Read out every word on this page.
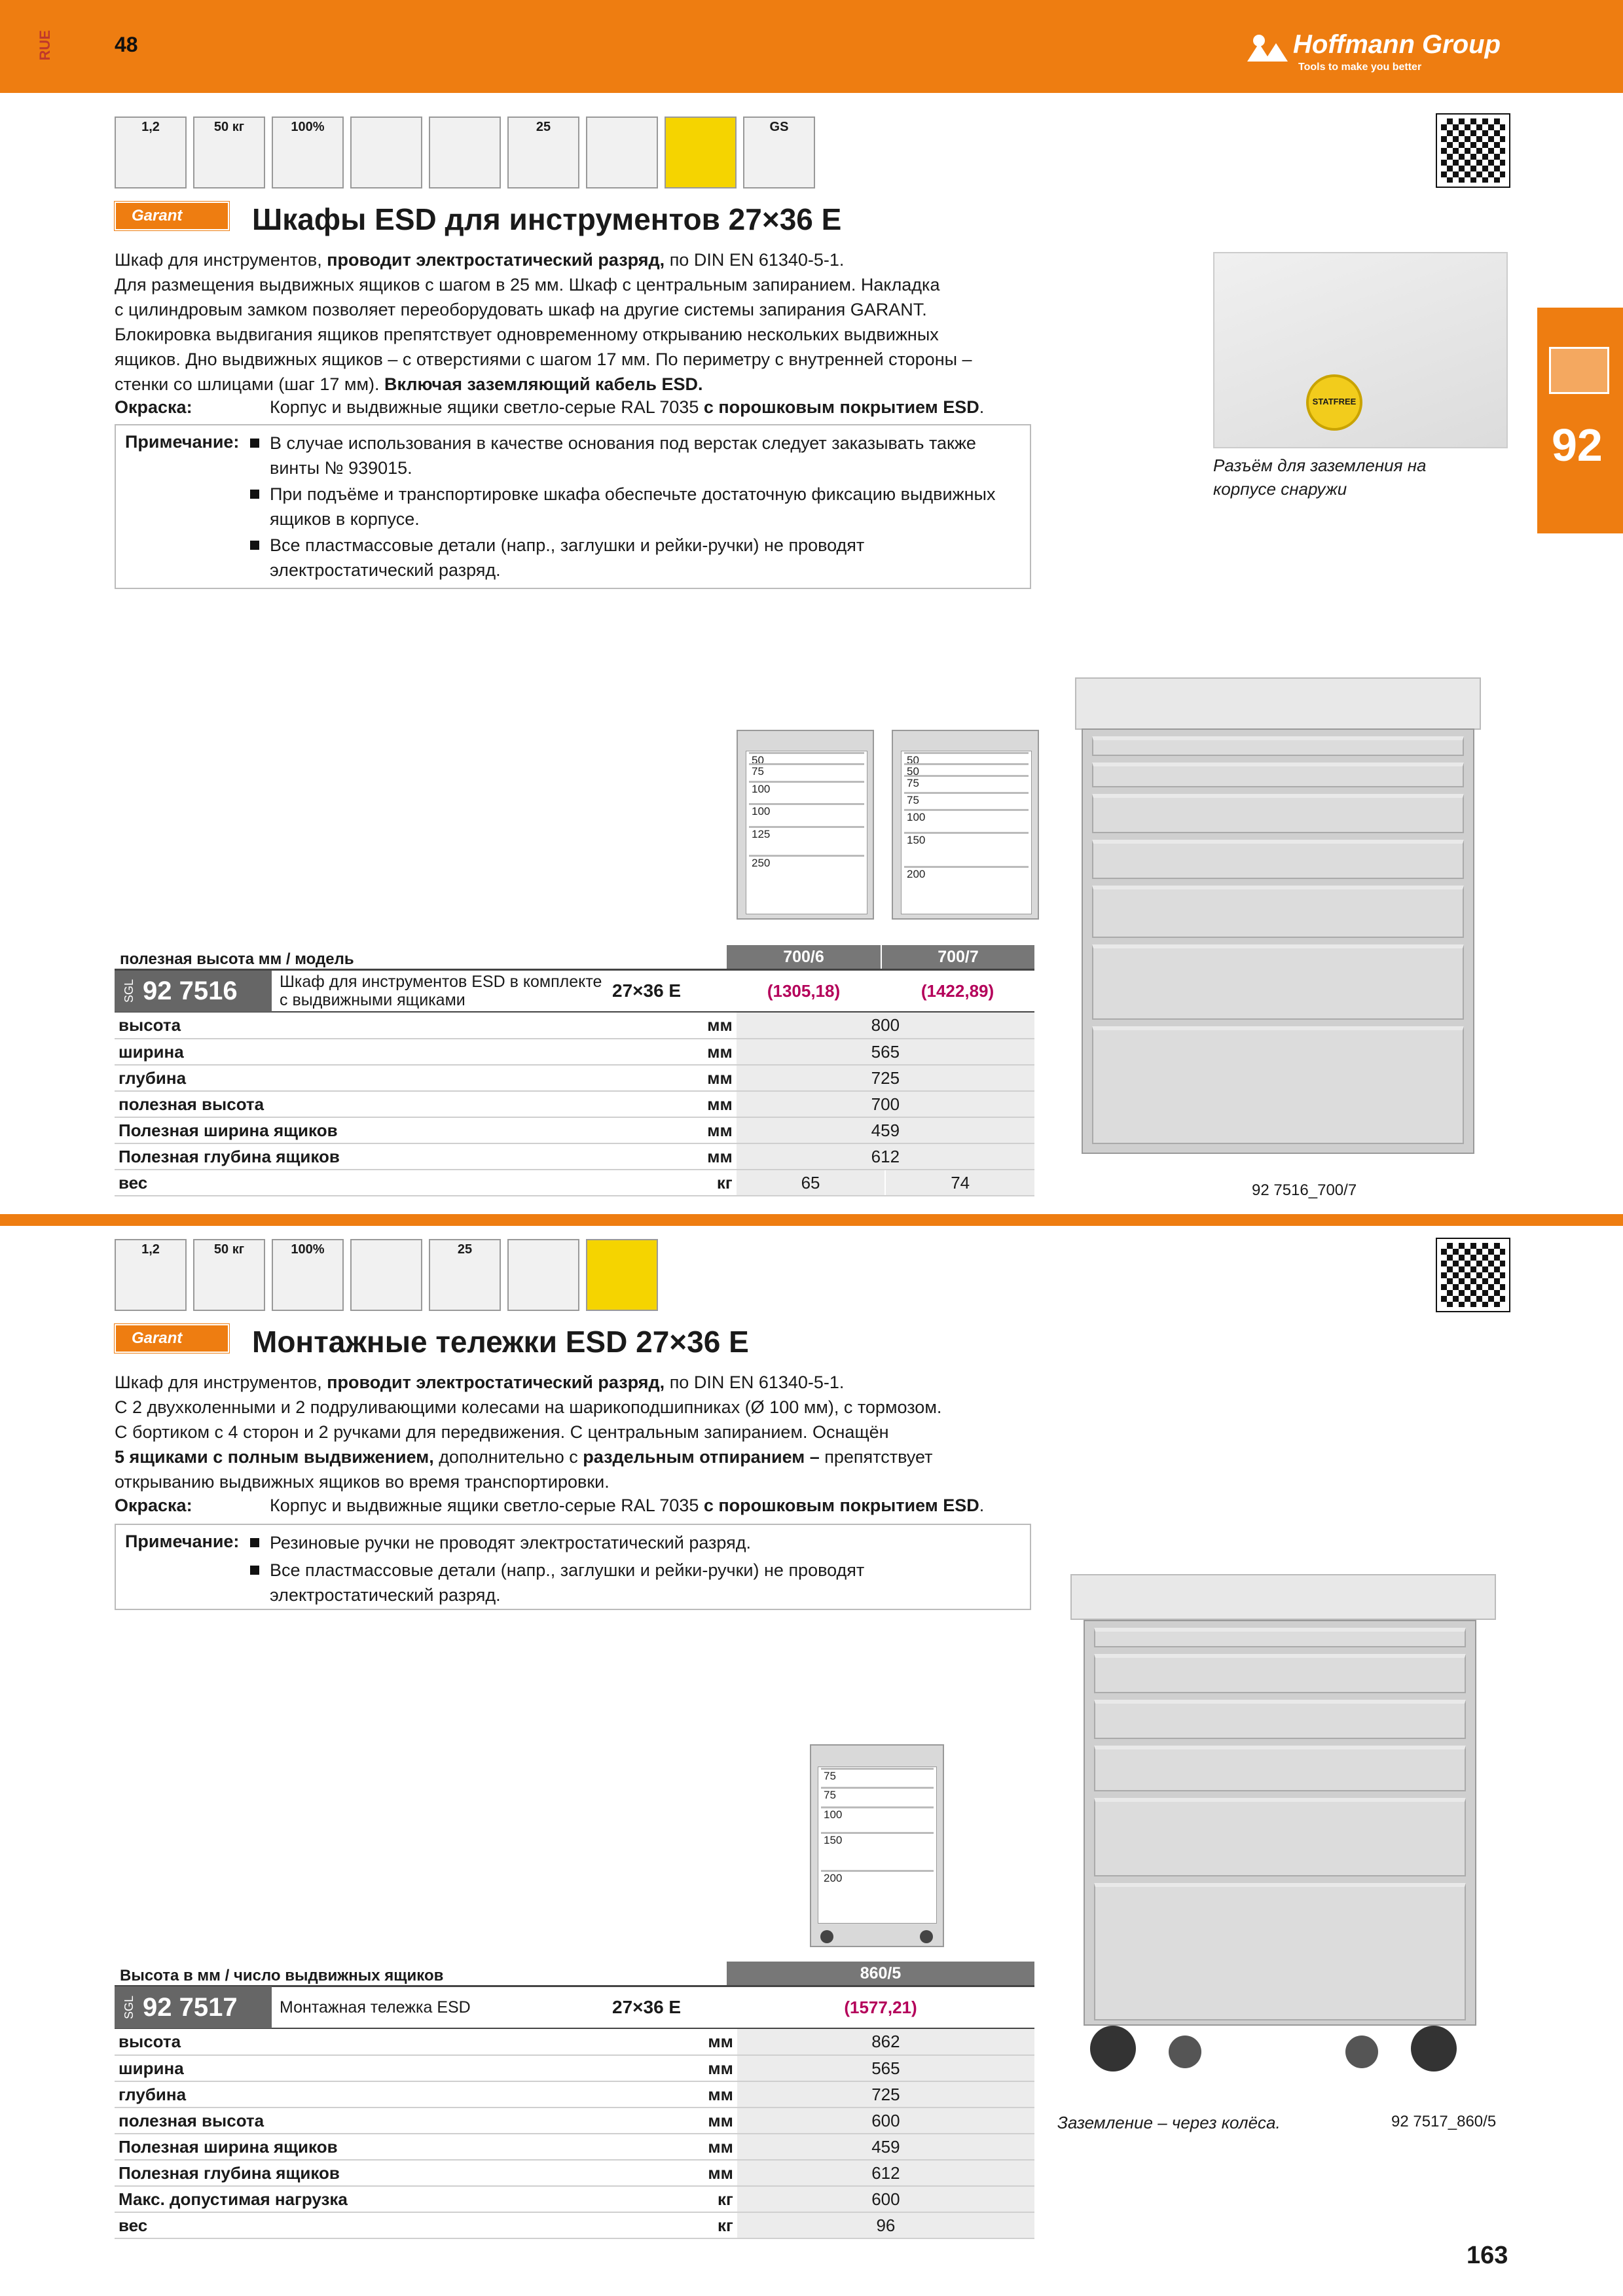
RUE	48	Hoffmann Group
Tools to make you better
92
1,2	50 кг	100%	25	GS
Garant	Шкафы ESD для инструментов 27×36 E
Шкаф для инструментов, проводит электростатический разряд, по DIN EN 61340-5-1.
Для размещения выдвижных ящиков с шагом в 25 мм. Шкаф с центральным запиранием. Накладка
с цилиндровым замком позволяет переоборудовать шкаф на другие системы запирания GARANT.
Блокировка выдвигания ящиков препятствует одновременному открыванию нескольких выдвижных
ящиков. Дно выдвижных ящиков – с отверстиями с шагом 17 мм. По периметру с внутренней стороны –
стенки со шлицами (шаг 17 мм). Включая заземляющий кабель ESD.
Окраска:	Корпус и выдвижные ящики светло-серые RAL 7035 с порошковым покрытием ESD.
Примечание: В случае использования в качестве основания под верстак следует заказывать также винты № 939015.
При подъёме и транспортировке шкафа обеспечьте достаточную фиксацию выдвижных ящиков в корпусе.
Все пластмассовые детали (напр., заглушки и рейки-ручки) не проводят электростатический разряд.
STATFREE
Разъём для заземления на корпусе снаружи
50
75
100
100
125
250
50
50
75
75
100
150
200
92 7516_700/7
полезная высота мм / модель	700/6	700/7
SGL 92 7516	Шкаф для инструментов ESD в комплекте с выдвижными ящиками	27×36 E	(1305,18)	(1422,89)
высота	мм	800	
ширина	мм	565	
глубина	мм	725	
полезная высота	мм	700	
Полезная ширина ящиков	мм	459	
Полезная глубина ящиков	мм	612	
вес	кг	65	74
1,2	50 кг	100%	25
Garant	Монтажные тележки ESD 27×36 E
Шкаф для инструментов, проводит электростатический разряд, по DIN EN 61340-5-1.
С 2 двухколенными и 2 подруливающими колесами на шарикоподшипниках (Ø 100 мм), с тормозом.
С бортиком с 4 сторон и 2 ручками для передвижения. С центральным запиранием. Оснащён
5 ящиками с полным выдвижением, дополнительно с раздельным отпиранием – препятствует
открыванию выдвижных ящиков во время транспортировки.
Окраска:	Корпус и выдвижные ящики светло-серые RAL 7035 с порошковым покрытием ESD.
Примечание: Резиновые ручки не проводят электростатический разряд.
Все пластмассовые детали (напр., заглушки и рейки-ручки) не проводят электростатический разряд.
75
75
100
150
200
Заземление – через колёса.	92 7517_860/5
Высота в мм / число выдвижных ящиков	860/5
SGL 92 7517	Монтажная тележка ESD	27×36 E	(1577,21)
высота	мм	862
ширина	мм	565
глубина	мм	725
полезная высота	мм	600
Полезная ширина ящиков	мм	459
Полезная глубина ящиков	мм	612
Макс. допустимая нагрузка	кг	600
вес	кг	96
163
